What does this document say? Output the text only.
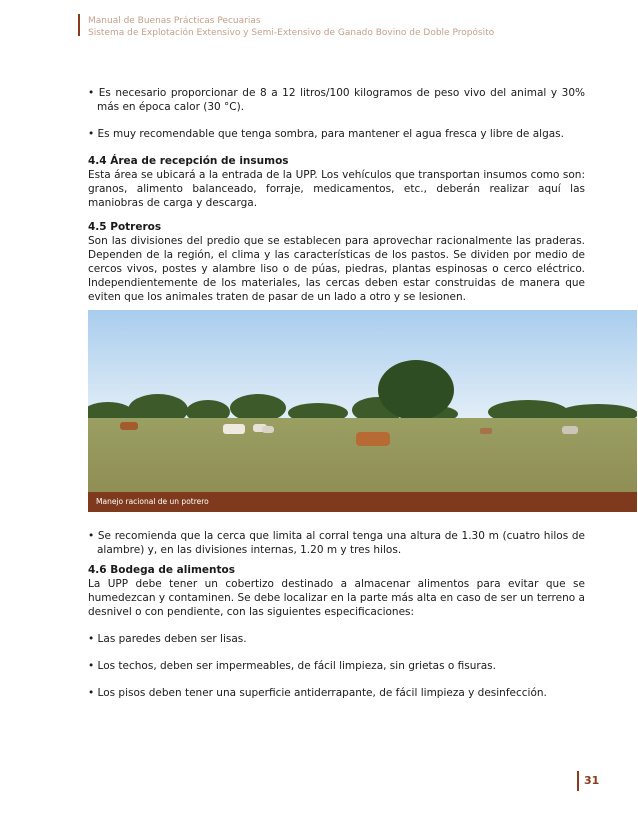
Manual de Buenas Prácticas Pecuarias
Sistema de Explotación Extensivo y Semi-Extensivo de Ganado Bovino de Doble Propósito

• Es necesario proporcionar de 8 a 12 litros/100 kilogramos de peso vivo del animal y 30% más en época calor (30 °C).

• Es muy recomendable que tenga sombra, para mantener el agua fresca y libre de algas.

4.4 Área de recepción de insumos

Esta área se ubicará a la entrada de la UPP. Los vehículos que transportan insumos como son: granos, alimento balanceado, forraje, medicamentos, etc., deberán realizar aquí las maniobras de carga y descarga.

4.5 Potreros

Son las divisiones del predio que se establecen para aprovechar racionalmente las praderas. Dependen de la región, el clima y las características de los pastos. Se dividen por medio de cercos vivos, postes y alambre liso o de púas, piedras, plantas espinosas o cerco eléctrico. Independientemente de los materiales, las cercas deben estar construidas de manera que eviten que los animales traten de pasar de un lado a otro y se lesionen.

Manejo racional de un potrero

• Se recomienda que la cerca que limita al corral tenga una altura de 1.30 m (cuatro hilos de alambre) y, en las divisiones internas, 1.20 m y tres hilos.

4.6 Bodega de alimentos

La UPP debe tener un cobertizo destinado a almacenar alimentos para evitar que se humedezcan y contaminen. Se debe localizar en la parte más alta en caso de ser un terreno a desnivel o con pendiente, con las siguientes especificaciones:

• Las paredes deben ser lisas.

• Los techos, deben ser impermeables, de fácil limpieza, sin grietas o fisuras.

• Los pisos deben tener una superficie antiderrapante, de fácil limpieza y desinfección.

31
